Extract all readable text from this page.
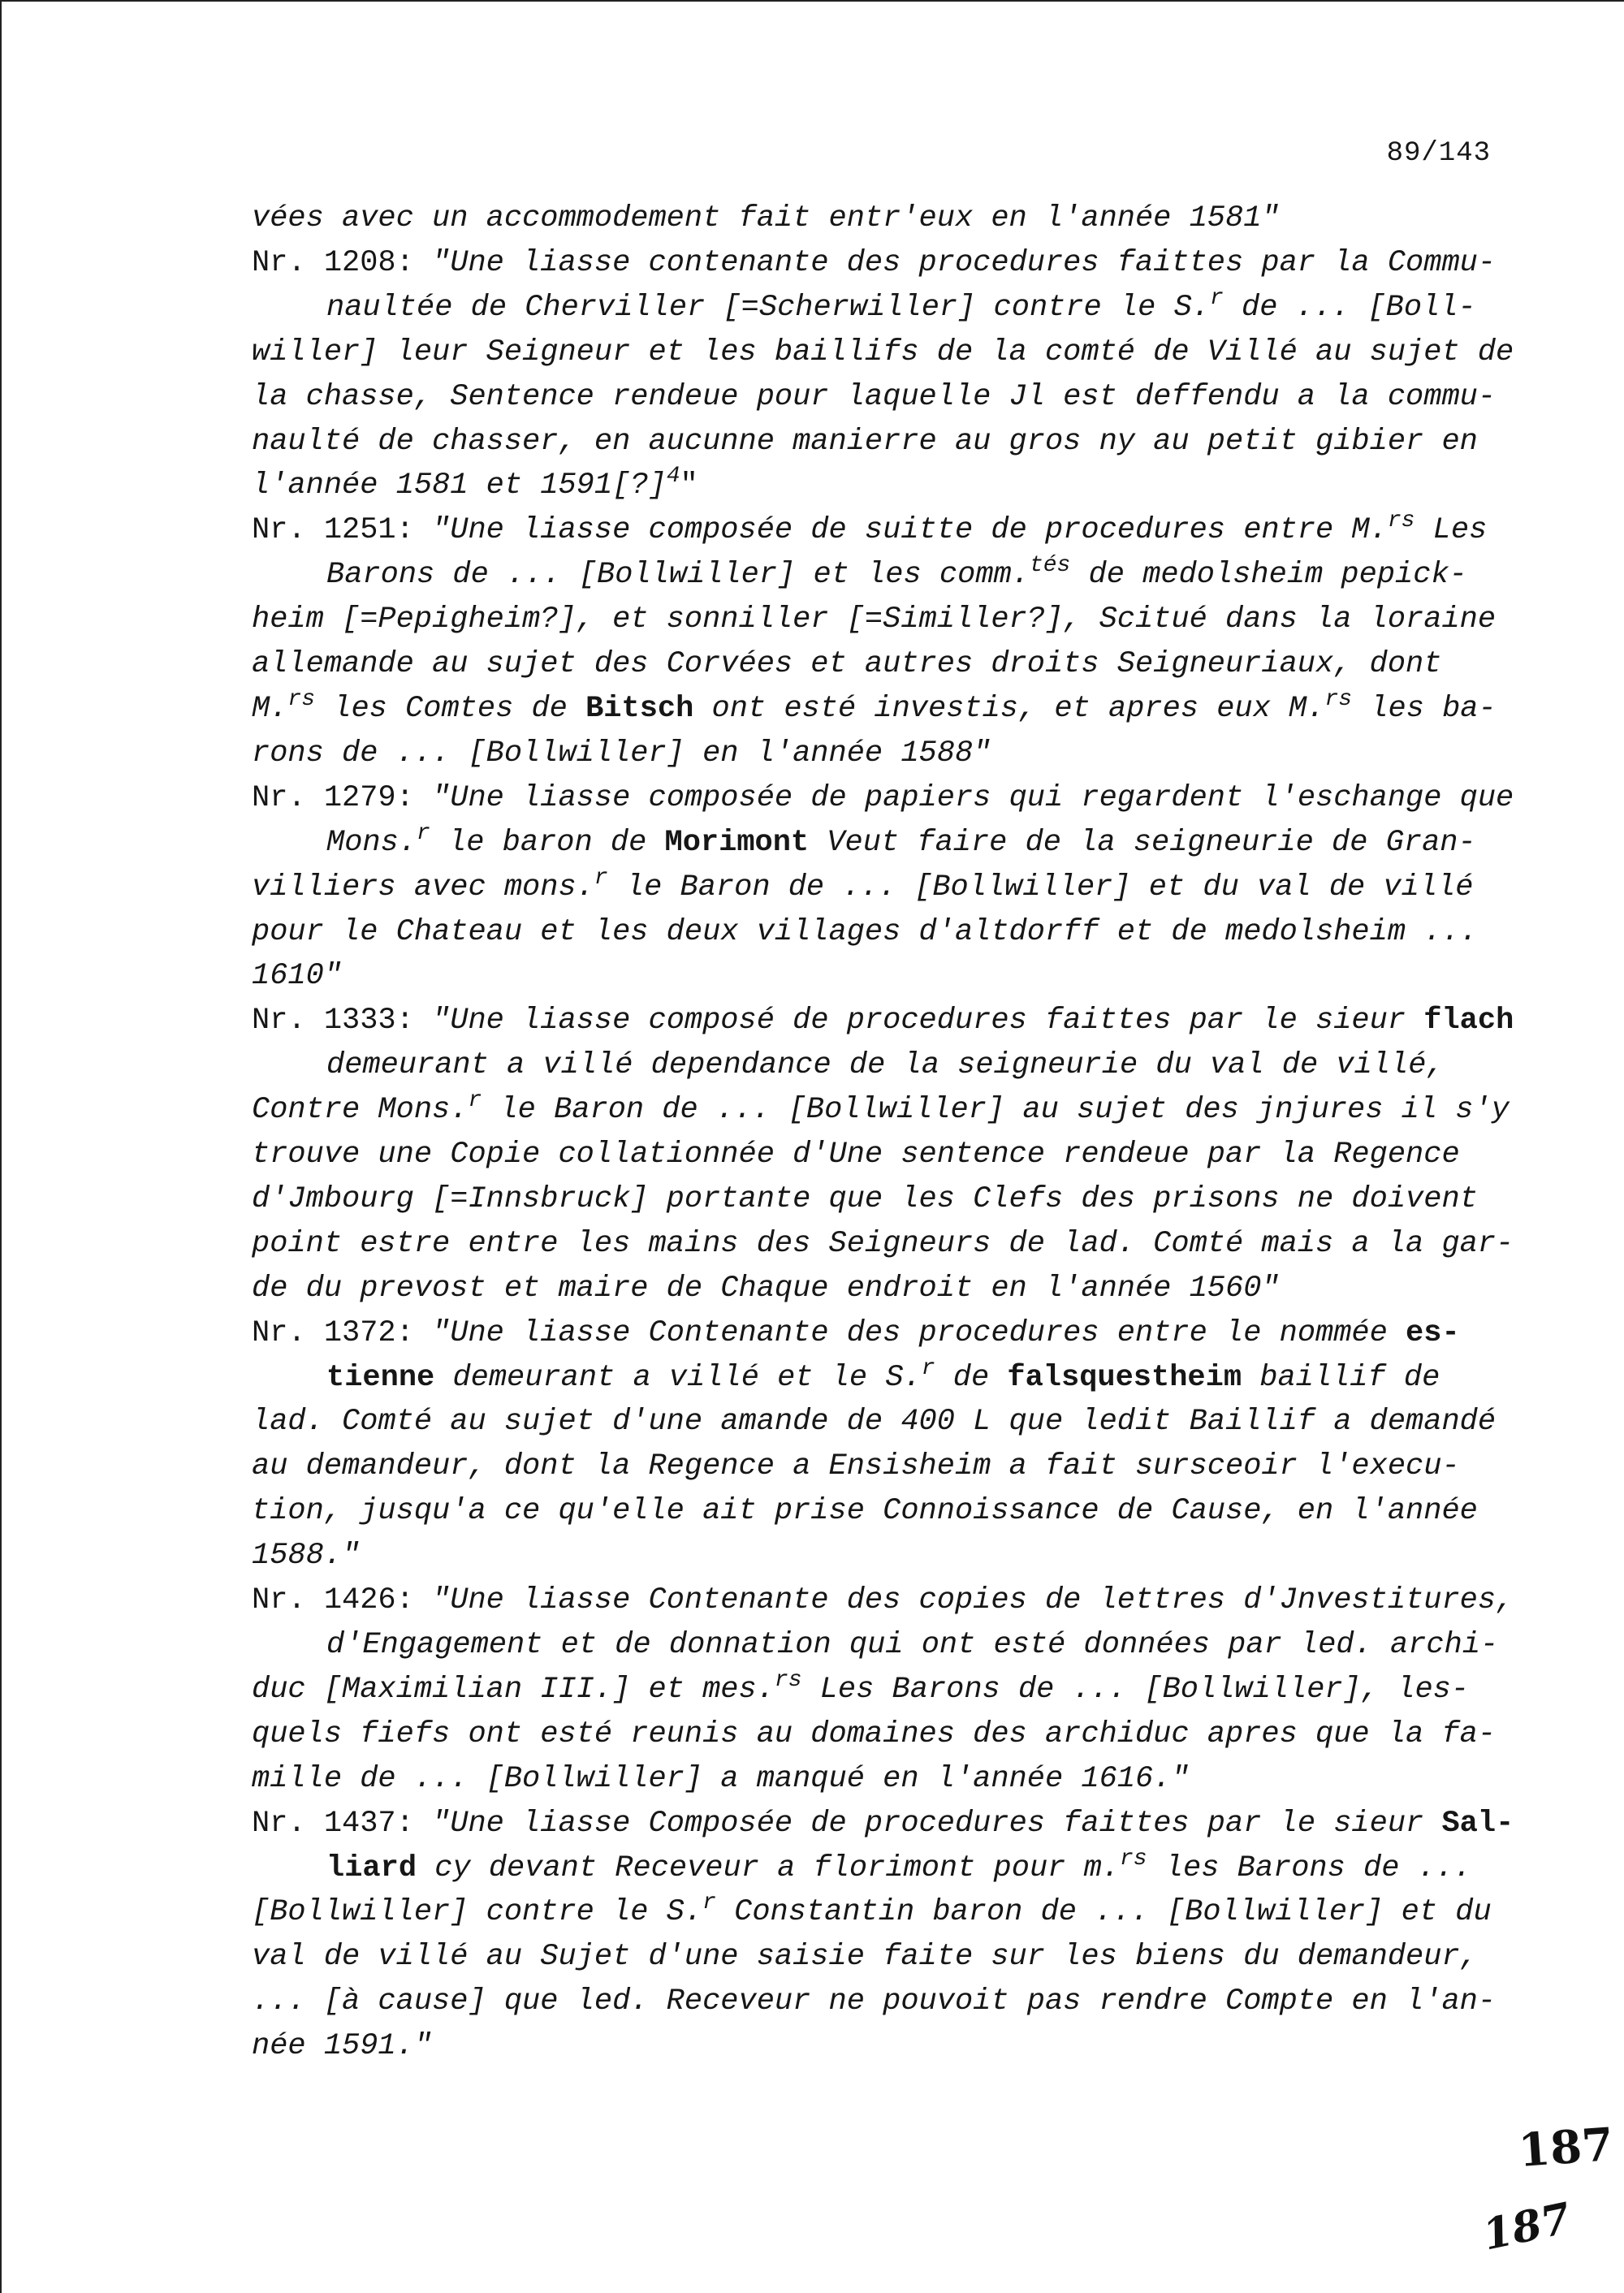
89/143
vées avec un accommodement fait entr'eux en l'année 1581"
Nr. 1208: "Une liasse contenante des procedures faittes par la Commu-
naultée de Cherviller [=Scherwiller] contre le S.$^r$ de ... [Boll-
willer] leur Seigneur et les baillifs de la comté de Villé au sujet de
la chasse, Sentence rendeue pour laquelle Jl est deffendu a la commu-
naulté de chasser, en aucunne manierre au gros ny au petit gibier en
l'année 1581 et 1591[?]$^4$"
Nr. 1251: "Une liasse composée de suitte de procedures entre M.$^{rs}$ Les
Barons de ... [Bollwiller] et les comm.$^{tés}$ de medolsheim pepick-
heim [=Pepigheim?], et sonniller [=Similler?], Scitué dans la loraine
allemande au sujet des Corvées et autres droits Seigneuriaux, dont
M.$^{rs}$ les Comtes de Bitsch ont esté investis, et apres eux M.$^{rs}$ les ba-
rons de ... [Bollwiller] en l'année 1588"
Nr. 1279: "Une liasse composée de papiers qui regardent l'eschange que
Mons.$^r$ le baron de Morimont Veut faire de la seigneurie de Gran-
villiers avec mons.$^r$ le Baron de ... [Bollwiller] et du val de villé
pour le Chateau et les deux villages d'altdorff et de medolsheim ...
1610"
Nr. 1333: "Une liasse composé de procedures faittes par le sieur flach
demeurant a villé dependance de la seigneurie du val de villé,
Contre Mons.$^r$ le Baron de ... [Bollwiller] au sujet des jnjures il s'y
trouve une Copie collationnée d'Une sentence rendeue par la Regence
d'Jmbourg [=Innsbruck] portante que les Clefs des prisons ne doivent
point estre entre les mains des Seigneurs de lad. Comté mais a la gar-
de du prevost et maire de Chaque endroit en l'année 1560"
Nr. 1372: "Une liasse Contenante des procedures entre le nommée es-
tienne demeurant a villé et le S.$^r$ de falsquestheim baillif de
lad. Comté au sujet d'une amande de 400 L que ledit Baillif a demandé
au demandeur, dont la Regence a Ensisheim a fait sursceoir l'execu-
tion, jusqu'a ce qu'elle ait prise Connoissance de Cause, en l'année
1588."
Nr. 1426: "Une liasse Contenante des copies de lettres d'Jnvestitures,
d'Engagement et de donnation qui ont esté données par led. archi-
duc [Maximilian III.] et mes.$^{rs}$ Les Barons de ... [Bollwiller], les-
quels fiefs ont esté reunis au domaines des archiduc apres que la fa-
mille de ... [Bollwiller] a manqué en l'année 1616."
Nr. 1437: "Une liasse Composée de procedures faittes par le sieur Sal-
liard cy devant Receveur a florimont pour m.$^{rs}$ les Barons de ...
[Bollwiller] contre le S.$^r$ Constantin baron de ... [Bollwiller] et du
val de villé au Sujet d'une saisie faite sur les biens du demandeur,
... [à cause] que led. Receveur ne pouvoit pas rendre Compte en l'an-
née 1591."
187
187
